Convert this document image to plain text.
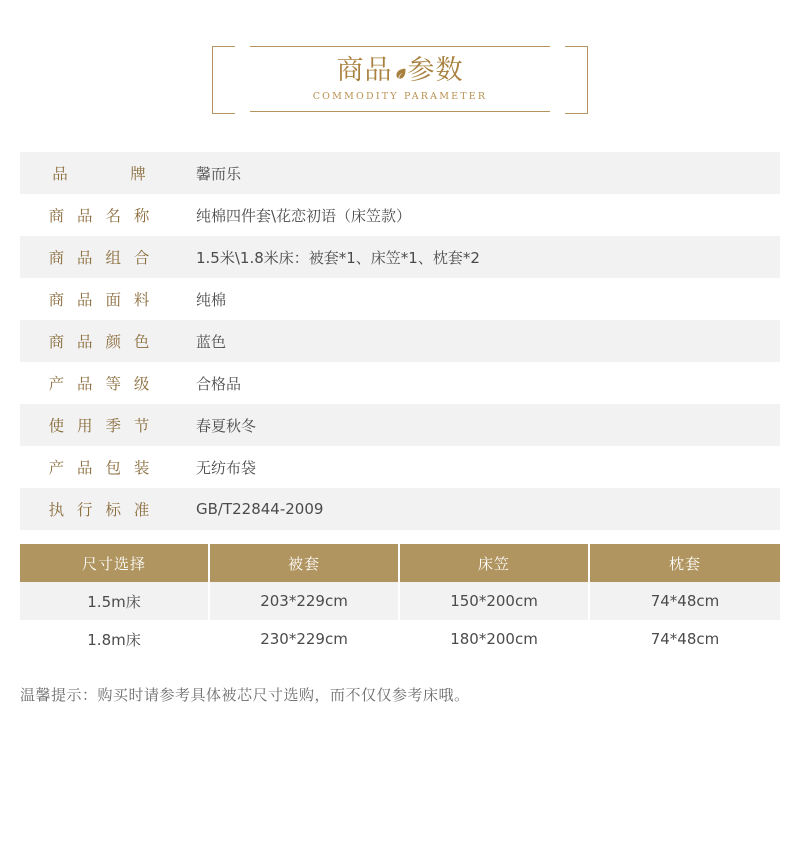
商品 参数
COMMODITY PARAMETER
品　　　牌	馨而乐
商 品 名 称	纯棉四件套\花恋初语（床笠款）
商 品 组 合	1.5米\1.8米床：被套*1、床笠*1、枕套*2
商 品 面 料	纯棉
商 品 颜 色	蓝色
产 品 等 级	合格品
使 用 季 节	春夏秋冬
产 品 包 装	无纺布袋
执 行 标 准	GB/T22844-2009
尺寸选择	被套	床笠	枕套
1.5m床	203*229cm	150*200cm	74*48cm
1.8m床	230*229cm	180*200cm	74*48cm
温馨提示：购买时请参考具体被芯尺寸选购，而不仅仅参考床哦。
